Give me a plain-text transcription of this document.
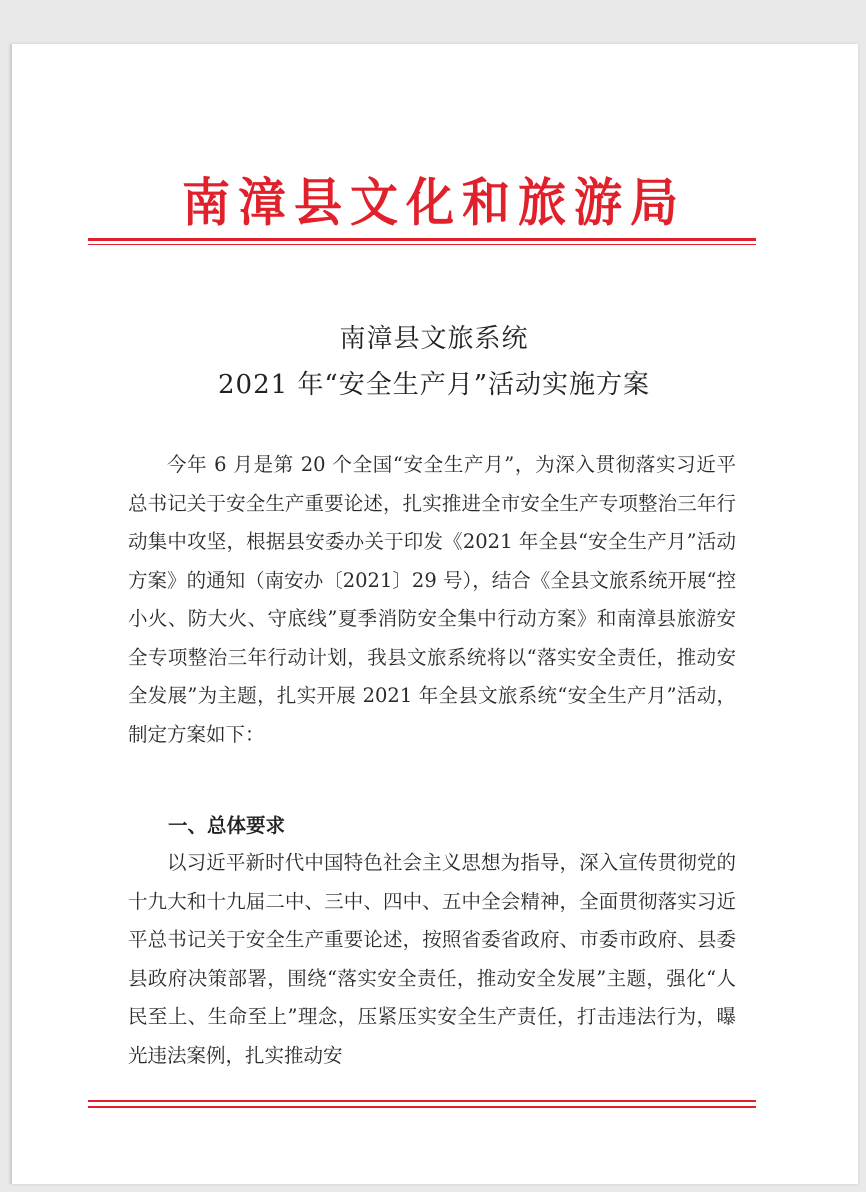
南漳县文化和旅游局
南漳县文旅系统
2021 年“安全生产月”活动实施方案
今年 6 月是第 20 个全国“安全生产月”，为深入贯彻落实习近平总书记关于安全生产重要论述，扎实推进全市安全生产专项整治三年行动集中攻坚，根据县安委办关于印发《2021 年全县“安全生产月”活动方案》的通知（南安办〔2021〕29 号），结合《全县文旅系统开展“控小火、防大火、守底线”夏季消防安全集中行动方案》和南漳县旅游安全专项整治三年行动计划，我县文旅系统将以“落实安全责任，推动安全发展”为主题，扎实开展 2021 年全县文旅系统“安全生产月”活动，制定方案如下：
一、总体要求
以习近平新时代中国特色社会主义思想为指导，深入宣传贯彻党的十九大和十九届二中、三中、四中、五中全会精神，全面贯彻落实习近平总书记关于安全生产重要论述，按照省委省政府、市委市政府、县委县政府决策部署，围绕“落实安全责任，推动安全发展”主题，强化“人民至上、生命至上”理念，压紧压实安全生产责任，打击违法行为，曝光违法案例，扎实推动安
